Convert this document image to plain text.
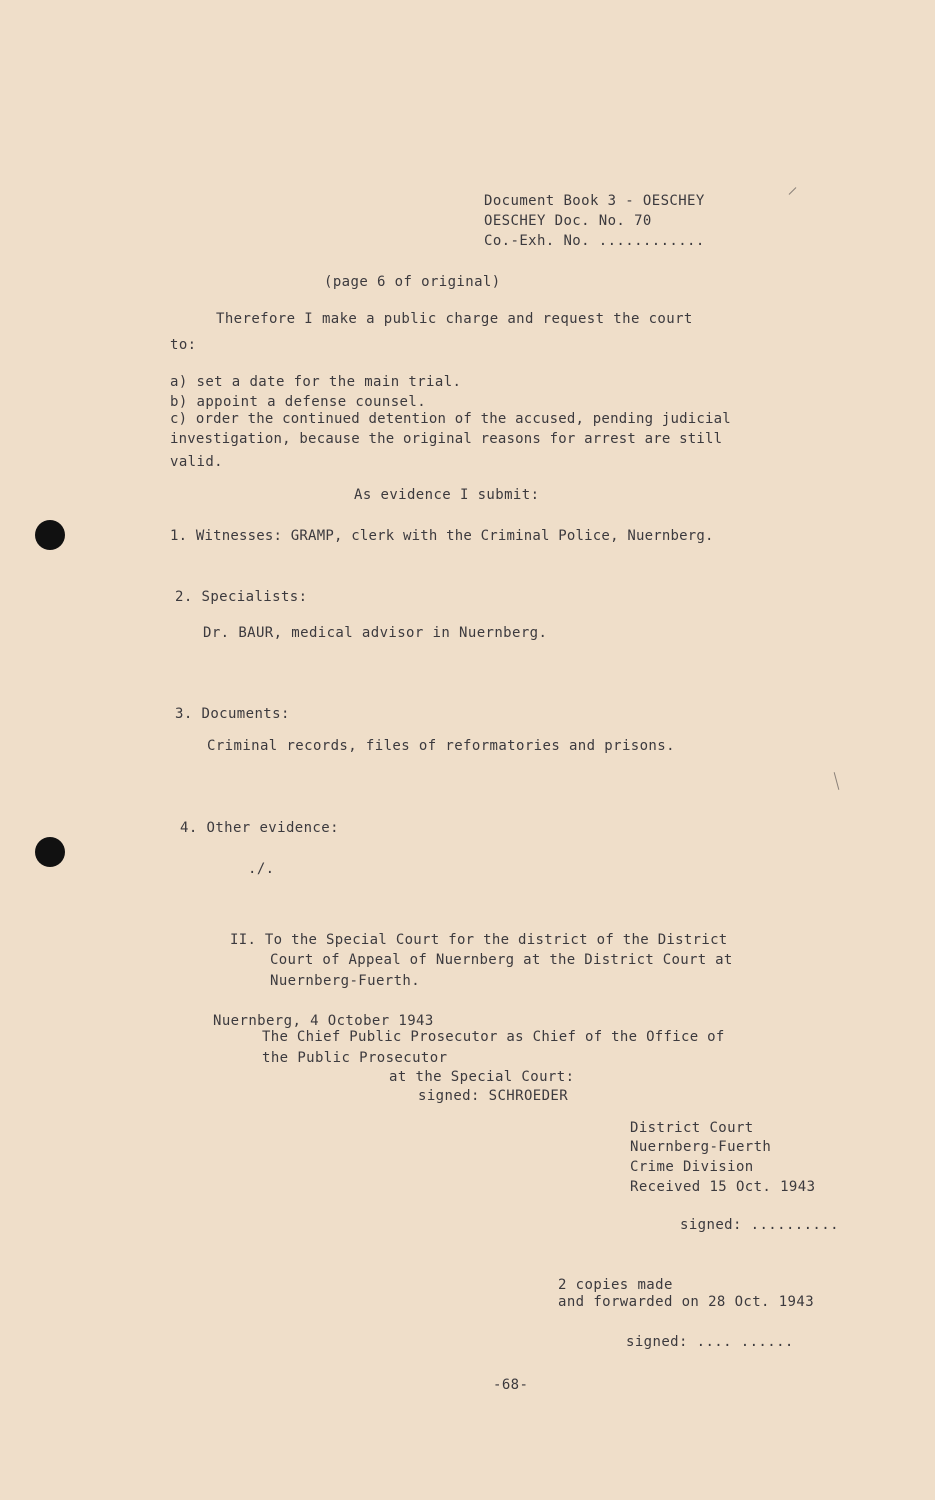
Document Book 3 - OESCHEY
OESCHEY Doc. No. 70
Co.-Exh. No. ............
(page 6 of original)
Therefore I make a public charge and request the court
to:
a) set a date for the main trial.
b) appoint a defense counsel.
c) order the continued detention of the accused, pending judicial
investigation, because the original reasons for arrest are still
valid.
As evidence I submit:
1. Witnesses: GRAMP, clerk with the Criminal Police, Nuernberg.
2. Specialists:
Dr. BAUR, medical advisor in Nuernberg.
3. Documents:
Criminal records, files of reformatories and prisons.
4. Other evidence:
./.
II. To the Special Court for the district of the District
Court of Appeal of Nuernberg at the District Court at
Nuernberg-Fuerth.
Nuernberg, 4 October 1943
The Chief Public Prosecutor as Chief of the Office of
the Public Prosecutor
at the Special Court:
signed: SCHROEDER
District Court
Nuernberg-Fuerth
Crime Division
Received 15 Oct. 1943
signed: ..........
2 copies made
and forwarded on 28 Oct. 1943
signed: .... ......
-68-
